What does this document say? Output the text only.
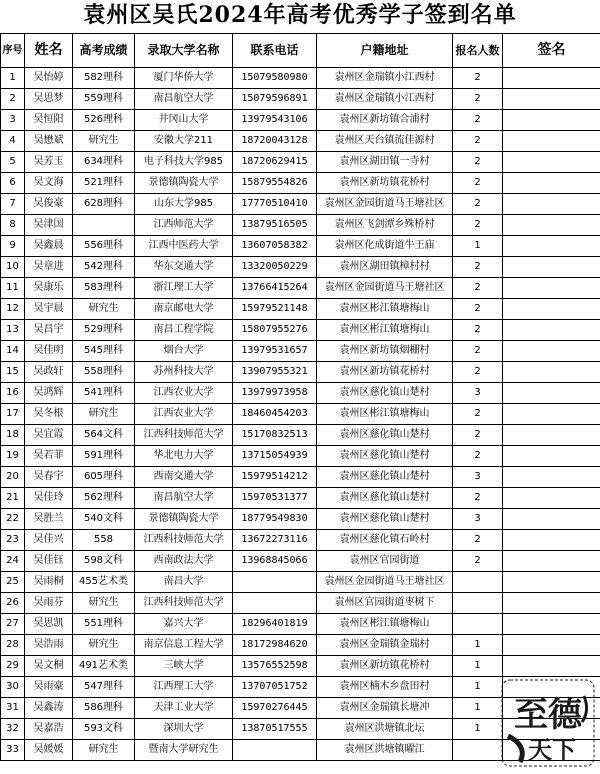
袁州区吴氏2024年高考优秀学子签到名单
序号	姓名	高考成绩	录取大学名称	联系电话	户籍地址	报名人数	签名
1	吴怡婷	582理科	厦门华侨大学	15079580980	袁州区金瑞镇小江西村	2	
2	吴思梦	559理科	南昌航空大学	15079596891	袁州区金瑞镇小江西村	2	
3	吴恒阳	526理科	井冈山大学	13979543106	袁州区新坊镇合浦村	2	
4	吴懋斌	研究生	安徽大学211	18720043128	袁州区天台镇流佳源村	2	
5	吴芳玉	634理科	电子科技大学985	18720629415	袁州区湖田镇一寺村	2	
6	吴文海	521理科	景德镇陶瓷大学	15879554826	袁州区新坊镇花桥村	2	
7	吴俊豪	628理科	山东大学985	17770510410	袁州区金园街道马王塘社区	2	
8	吴津国		江西师范大学	13879516505	袁州区飞剑潭乡殊桥村	2	
9	吴鑫晨	556理科	江西中医药大学	13607058382	袁州区化成街道牛王庙	1	
10	吴章进	542理科	华东交通大学	13320050229	袁州区湖田镇樟村村	2	
11	吴康乐	583理科	浙江理工大学	13766415264	袁州区金园街道马王塘社区	2	
12	吴宇晨	研究生	南京邮电大学	15979521148	袁州区彬江镇塘梅山	2	
13	吴昌宇	529理科	南昌工程学院	15807955276	袁州区彬江镇塘梅山	2	
14	吴佳明	545理科	烟台大学	13979531657	袁州区新坊镇烟棚村	2	
15	吴政轩	558理科	苏州科技大学	13907955321	袁州区新坊镇花桥村	2	
16	吴鸿辉	541理科	江西农业大学	13979973958	袁州区慈化镇山楚村	3	
17	吴冬根	研究生	江西农业大学	18460454203	袁州区彬江镇塘梅山	2	
18	吴宜霞	564文科	江西科技师范大学	15170832513	袁州区慈化镇山楚村	2	
19	吴若菲	591理科	华北电力大学	13715054939	袁州区慈化镇山楚村	2	
20	吴春宇	605理科	西南交通大学	15979514212	袁州区慈化镇山楚村	3	
21	吴佳玲	562理科	南昌航空大学	15970531377	袁州区慈化镇山楚村	2	
22	吴胜兰	540文科	景德镇陶瓷大学	18779549830	袁州区慈化镇山楚村	3	
23	吴佳兴	558	江西科技师范大学	13672273116	袁州区慈化镇石岭村	2	
24	吴佳钰	598文科	西南政法大学	13968845066	袁州区官园街道	2	
25	吴雨桐	455艺术类	南昌大学		袁州区金园街道马王塘社区		
26	吴雨芬	研究生	江西科技师范大学		袁州区官园街道枣树下		
27	吴思凯	551理科	嘉兴大学	18296401819	袁州区彬江镇塘梅山		
28	吴浩雨	研究生	南京信息工程大学	18172984620	袁州区金瑞镇金瑞村	1	
29	吴文桐	491艺术类	三峡大学	13576552598	袁州区新坊镇花桥村	1	
30	吴雨豪	547理科	江西理工大学	13707051752	袁州区楠木乡盘田村	1	
31	吴鑫涛	586理科	天津工业大学	15970276445	袁州区金瑞镇长塘冲	1	
32	吴嘉浩	593文科	深圳大学	13870517555	袁州区洪塘镇北坛	1	
33	吴媛媛	研究生	暨南大学研究生		袁州区洪塘镇曜江		
至德
天下
